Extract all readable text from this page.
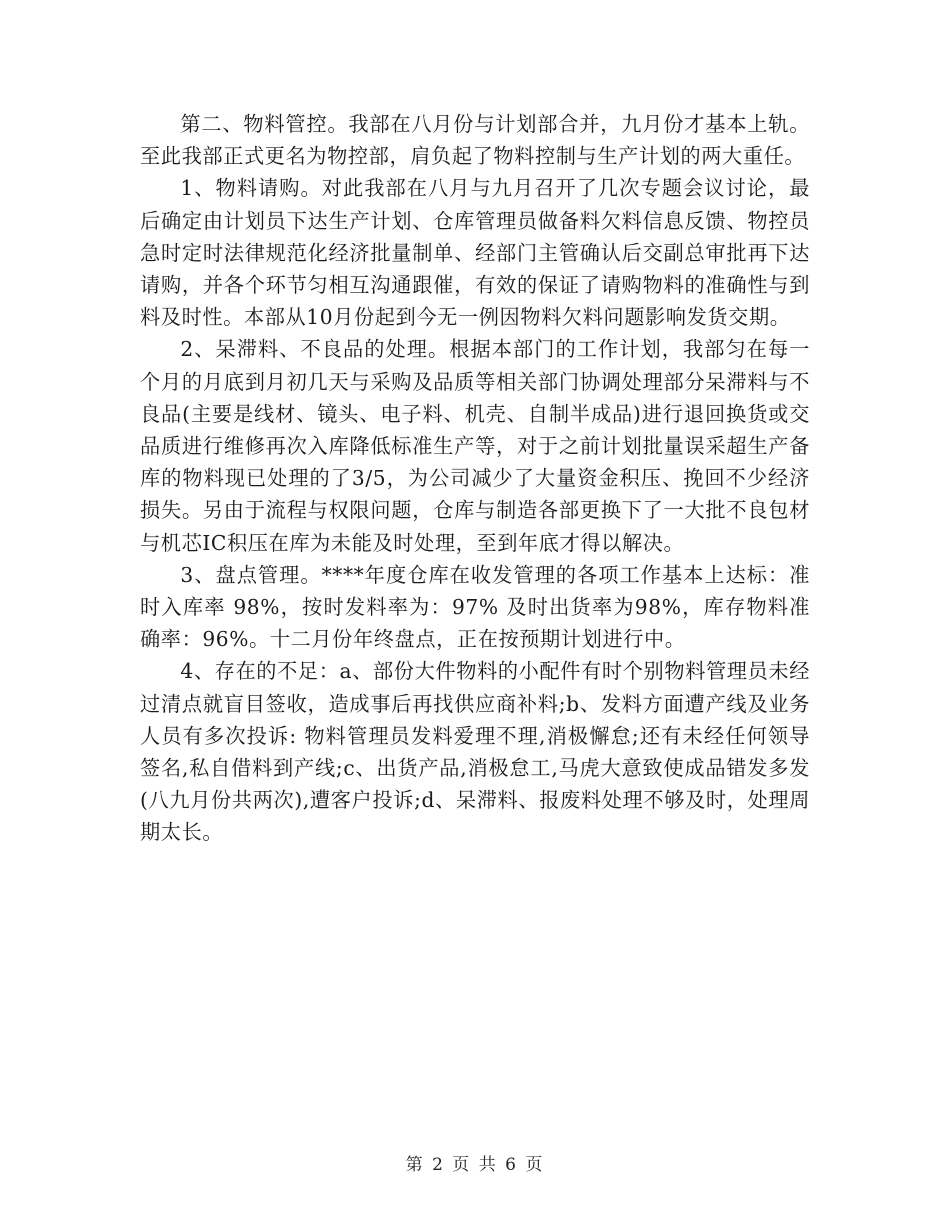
第二、物料管控。我部在八月份与计划部合并，九月份才基本上轨。至此我部正式更名为物控部，肩负起了物料控制与生产计划的两大重任。

1、物料请购。对此我部在八月与九月召开了几次专题会议讨论，最后确定由计划员下达生产计划、仓库管理员做备料欠料信息反馈、物控员急时定时法律规范化经济批量制单、经部门主管确认后交副总审批再下达请购，并各个环节匀相互沟通跟催，有效的保证了请购物料的准确性与到料及时性。本部从10月份起到今无一例因物料欠料问题影响发货交期。

2、呆滞料、不良品的处理。根据本部门的工作计划，我部匀在每一个月的月底到月初几天与采购及品质等相关部门协调处理部分呆滞料与不良品(主要是线材、镜头、电子料、机壳、自制半成品)进行退回换货或交品质进行维修再次入库降低标准生产等，对于之前计划批量误采超生产备库的物料现已处理的了3/5，为公司减少了大量资金积压、挽回不少经济损失。另由于流程与权限问题，仓库与制造各部更换下了一大批不良包材与机芯IC积压在库为未能及时处理，至到年底才得以解决。

3、盘点管理。****年度仓库在收发管理的各项工作基本上达标：准时入库率 98%，按时发料率为：97% 及时出货率为98%，库存物料准确率：96%。十二月份年终盘点，正在按预期计划进行中。

4、存在的不足：a、部份大件物料的小配件有时个别物料管理员未经过清点就盲目签收，造成事后再找供应商补料;b、发料方面遭产线及业务人员有多次投诉: 物料管理员发料爱理不理,消极懈怠;还有未经任何领导签名,私自借料到产线;c、出货产品,消极怠工,马虎大意致使成品错发多发(八九月份共两次),遭客户投诉;d、呆滞料、报废料处理不够及时，处理周期太长。

第 2 页 共 6 页
